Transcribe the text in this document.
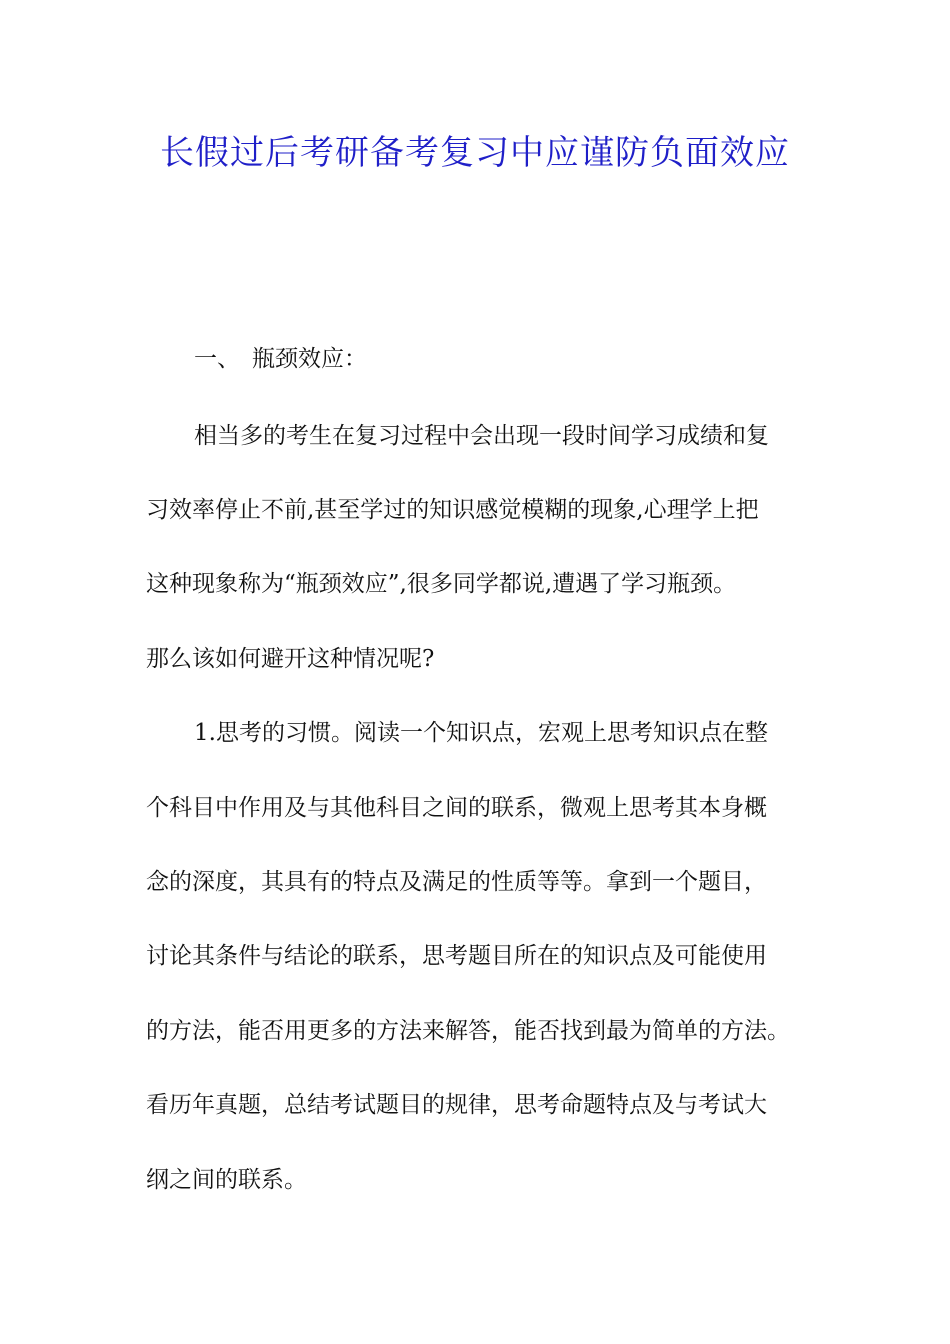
长假过后考研备考复习中应谨防负面效应
一、 瓶颈效应：
相当多的考生在复习过程中会出现一段时间学习成绩和复
习效率停止不前,甚至学过的知识感觉模糊的现象,心理学上把
这种现象称为“瓶颈效应”,很多同学都说,遭遇了学习瓶颈。
那么该如何避开这种情况呢?
1.思考的习惯。阅读一个知识点，宏观上思考知识点在整
个科目中作用及与其他科目之间的联系，微观上思考其本身概
念的深度，其具有的特点及满足的性质等等。拿到一个题目，
讨论其条件与结论的联系，思考题目所在的知识点及可能使用
的方法，能否用更多的方法来解答，能否找到最为简单的方法。
看历年真题，总结考试题目的规律，思考命题特点及与考试大
纲之间的联系。
